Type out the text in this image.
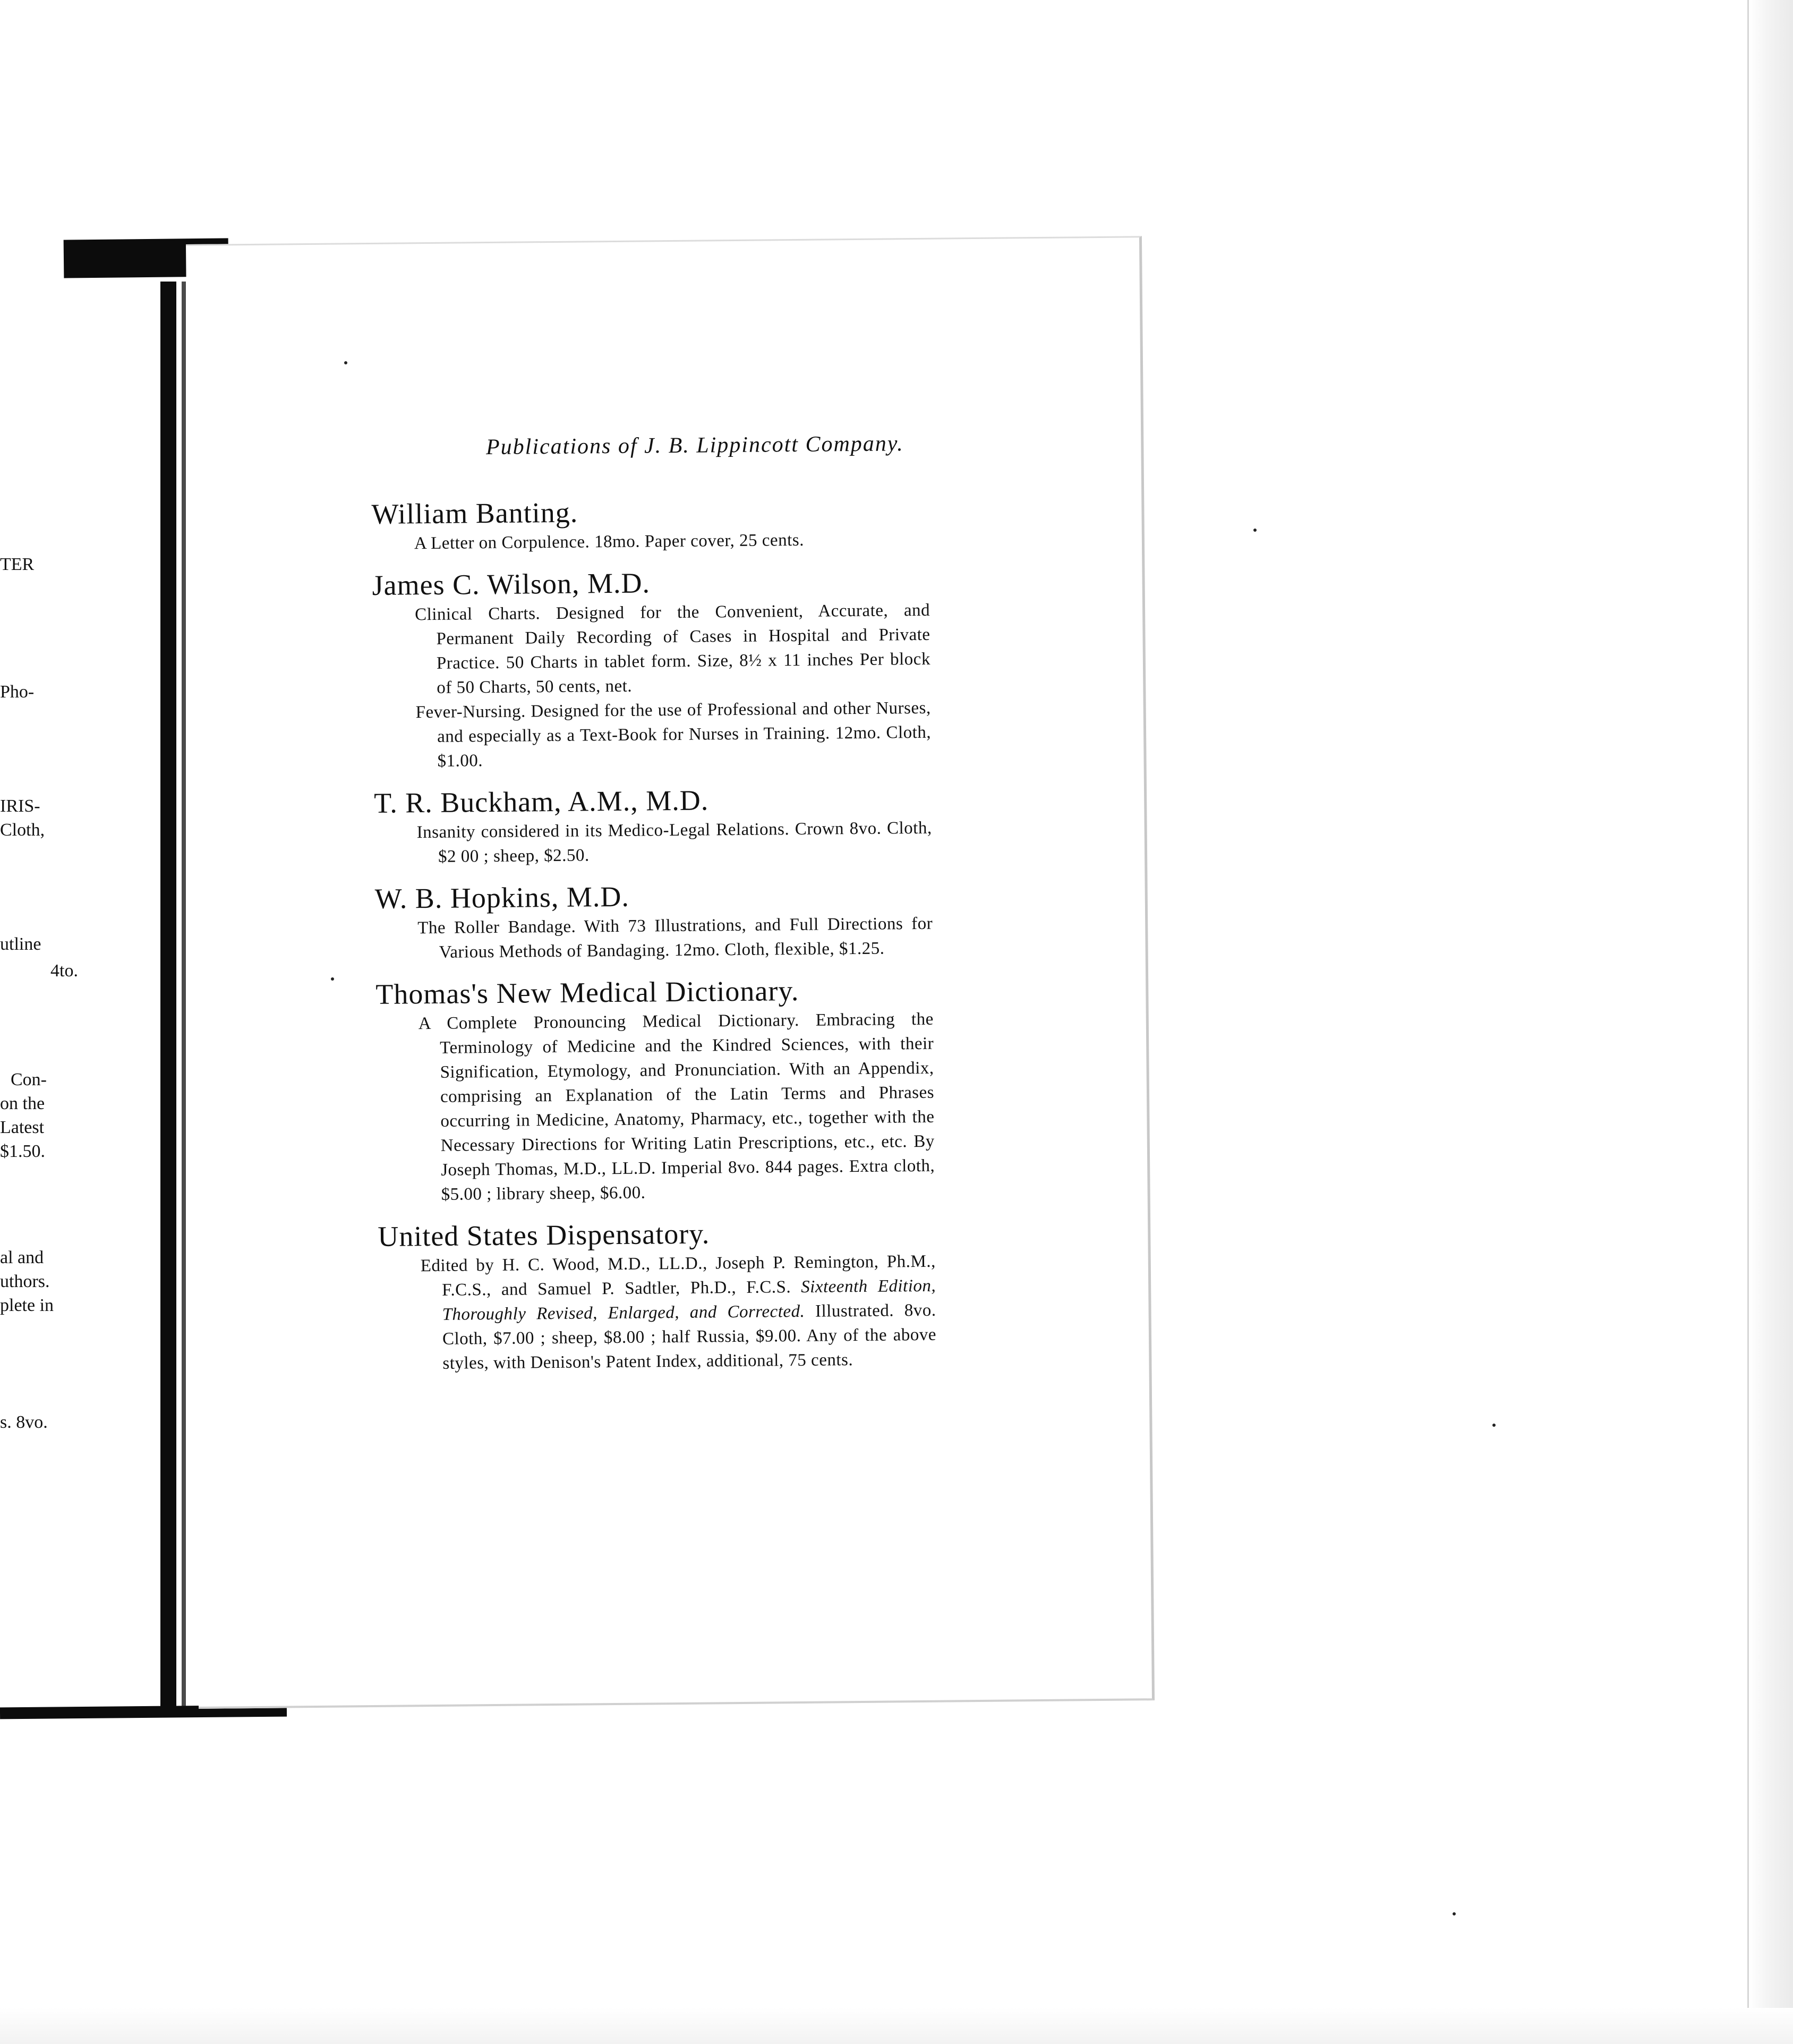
TER
Pho-
IRIS-
Cloth,
utline
4to.
Con-
on the
Latest
$1.50.
al and
uthors.
plete in
s. 8vo.
Publications of J. B. Lippincott Company.
William Banting.
A Letter on Corpulence. 18mo. Paper cover, 25 cents.
James C. Wilson, M.D.
Clinical Charts. Designed for the Convenient, Accurate, and Permanent Daily Recording of Cases in Hospital and Private Practice. 50 Charts in tablet form. Size, 8½ x 11 inches Per block of 50 Charts, 50 cents, net.
Fever-Nursing. Designed for the use of Professional and other Nurses, and especially as a Text-Book for Nurses in Training. 12mo. Cloth, $1.00.
T. R. Buckham, A.M., M.D.
Insanity considered in its Medico-Legal Relations. Crown 8vo. Cloth, $2 00 ; sheep, $2.50.
W. B. Hopkins, M.D.
The Roller Bandage. With 73 Illustrations, and Full Directions for Various Methods of Bandaging. 12mo. Cloth, flexible, $1.25.
Thomas's New Medical Dictionary.
A Complete Pronouncing Medical Dictionary. Embracing the Terminology of Medicine and the Kindred Sciences, with their Signification, Etymology, and Pronunciation. With an Appendix, comprising an Explanation of the Latin Terms and Phrases occurring in Medicine, Anatomy, Pharmacy, etc., together with the Necessary Directions for Writing Latin Prescriptions, etc., etc. By Joseph Thomas, M.D., LL.D. Imperial 8vo. 844 pages. Extra cloth, $5.00 ; library sheep, $6.00.
United States Dispensatory.
Edited by H. C. Wood, M.D., LL.D., Joseph P. Remington, Ph.M., F.C.S., and Samuel P. Sadtler, Ph.D., F.C.S. Sixteenth Edition, Thoroughly Revised, Enlarged, and Corrected. Illustrated. 8vo. Cloth, $7.00 ; sheep, $8.00 ; half Russia, $9.00. Any of the above styles, with Denison's Patent Index, additional, 75 cents.
